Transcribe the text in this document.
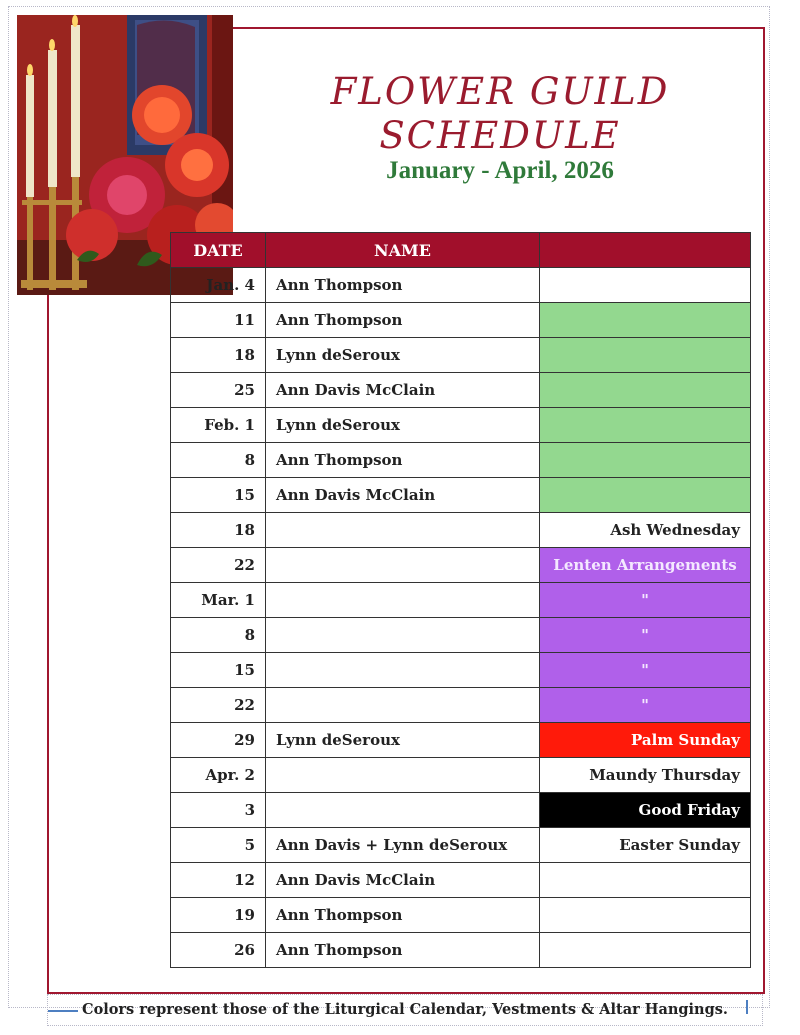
FLOWER GUILD
SCHEDULE
January - April, 2026
DATE	NAME	
Jan. 4	Ann Thompson	
11	Ann Thompson	
18	Lynn deSeroux	
25	Ann Davis McClain	
Feb. 1	Lynn deSeroux	
8	Ann Thompson	
15	Ann Davis McClain	
18		Ash Wednesday
22		Lenten Arrangements
Mar. 1		"
8		"
15		"
22		"
29	Lynn deSeroux	Palm Sunday
Apr. 2		Maundy Thursday
3		Good Friday
5	Ann Davis + Lynn deSeroux	Easter Sunday
12	Ann Davis McClain	
19	Ann Thompson	
26	Ann Thompson	
Colors represent those of the Liturgical Calendar, Vestments & Altar Hangings.
